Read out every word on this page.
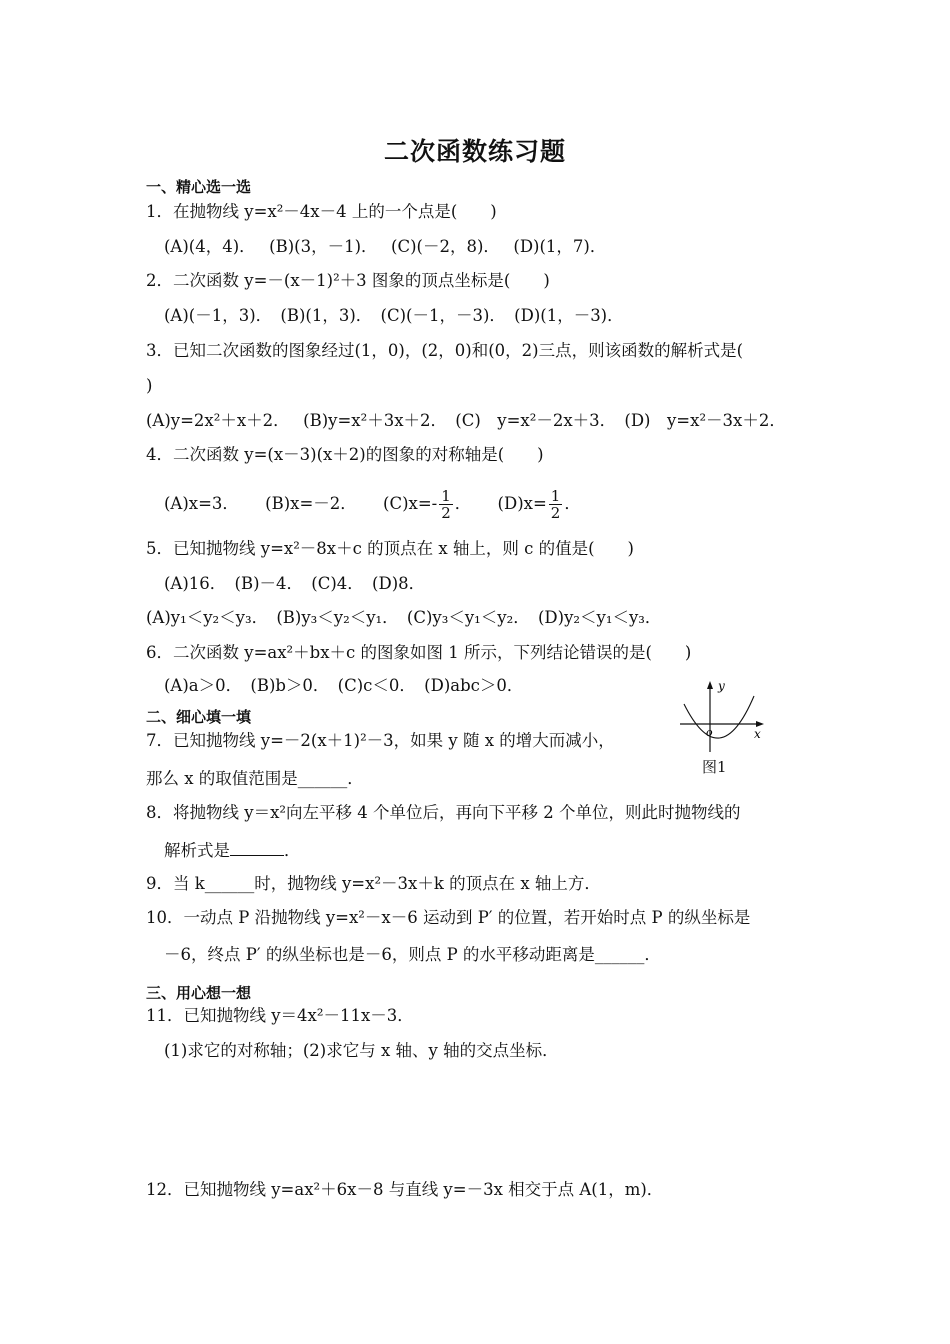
二次函数练习题
一、精心选一选
1．在抛物线 y=x²－4x－4 上的一个点是(　　)
(A)(4，4)．　 (B)(3，－1)．　 (C)(－2，8)．　 (D)(1，7)．
2．二次函数 y=－(x－1)²＋3 图象的顶点坐标是(　　)
(A)(－1，3)．　(B)(1，3)．　(C)(－1，－3)．　(D)(1，－3)．
3．已知二次函数的图象经过(1，0)，(2，0)和(0，2)三点，则该函数的解析式是(
)
(A)y=2x²＋x＋2．　 (B)y=x²＋3x＋2．　(C)　y=x²－2x＋3．　(D)　y=x²－3x＋2．
4．二次函数 y=(x－3)(x＋2)的图象的对称轴是(　　)
(A)x=3． (B)x=－2． $(C)x=- \frac{1}{2}$ ． $(D)x= \frac{1}{2}$ ．
5．已知抛物线 y=x²－8x＋c 的顶点在 x 轴上，则 c 的值是(　　)
(A)16．　(B)－4．　(C)4．　(D)8．
(A)y₁＜y₂＜y₃．　(B)y₃＜y₂＜y₁．　(C)y₃＜y₁＜y₂．　(D)y₂＜y₁＜y₃．
6．二次函数 y=ax²＋bx＋c 的图象如图 1 所示，下列结论错误的是(　　)
(A)a＞0．　(B)b＞0．　(C)c＜0．　(D)abc＞0．
二、细心填一填
7．已知抛物线 y=－2(x＋1)²－3，如果 y 随 x 的增大而减小，
那么 x 的取值范围是______．
8．将抛物线 y＝x²向左平移 4 个单位后，再向下平移 2 个单位，则此时抛物线的
解析式是	．
9．当 k______时，抛物线 y=x²－3x＋k 的顶点在 x 轴上方．
10．一动点 P 沿抛物线 y=x²－x－6 运动到 P′ 的位置，若开始时点 P 的纵坐标是
－6，终点 P′ 的纵坐标也是－6，则点 P 的水平移动距离是______．
三、用心想一想
11．已知抛物线 y＝4x²－11x－3．
(1)求它的对称轴；(2)求它与 x 轴、y 轴的交点坐标．
12．已知抛物线 y=ax²＋6x－8 与直线 y=－3x 相交于点 A(1，m)．
y
x
o
图1
